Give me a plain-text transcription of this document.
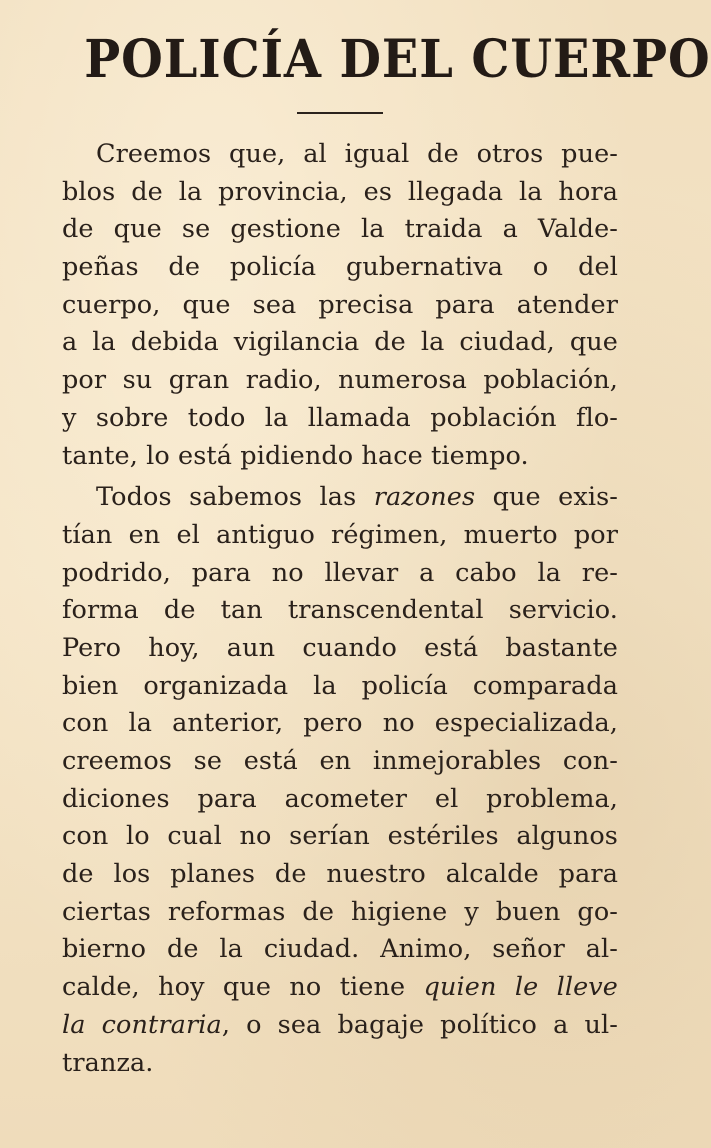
POLICÍA DEL CUERPO

Creemos que, al igual de otros pue-
blos de la provincia, es llegada la hora
de que se gestione la traida a Valde-
peñas de policía gubernativa o del
cuerpo, que sea precisa para atender
a la debida vigilancia de la ciudad, que
por su gran radio, numerosa población,
y sobre todo la llamada población flo-
tante, lo está pidiendo hace tiempo.

Todos sabemos las razones que exis-
tían en el antiguo régimen, muerto por
podrido, para no llevar a cabo la re-
forma de tan transcendental servicio.
Pero hoy, aun cuando está bastante
bien organizada la policía comparada
con la anterior, pero no especializada,
creemos se está en inmejorables con-
diciones para acometer el problema,
con lo cual no serían estériles algunos
de los planes de nuestro alcalde para
ciertas reformas de higiene y buen go-
bierno de la ciudad. Animo, señor al-
calde, hoy que no tiene quien le lleve
la contraria, o sea bagaje político a ul-
tranza.
